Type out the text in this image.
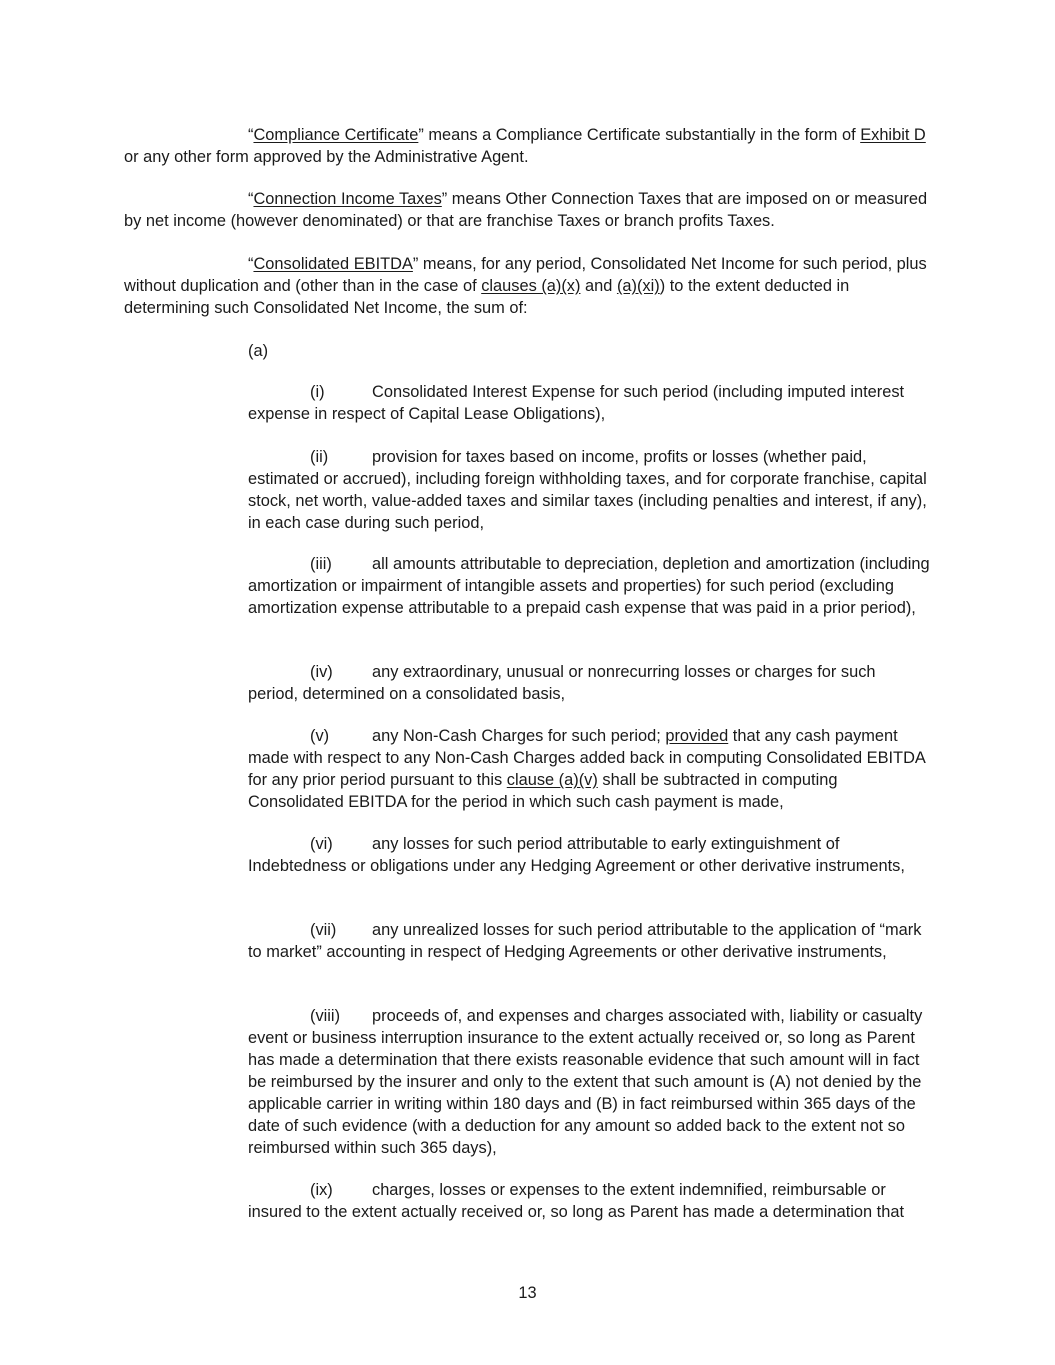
“Compliance Certificate” means a Compliance Certificate substantially in the form of Exhibit D or any other form approved by the Administrative Agent.

“Connection Income Taxes” means Other Connection Taxes that are imposed on or measured by net income (however denominated) or that are franchise Taxes or branch profits Taxes.

“Consolidated EBITDA” means, for any period, Consolidated Net Income for such period, plus without duplication and (other than in the case of clauses (a)(x) and (a)(xi)) to the extent deducted in determining such Consolidated Net Income, the sum of:

(a)

(i)	Consolidated Interest Expense for such period (including imputed interest expense in respect of Capital Lease Obligations),

(ii)	provision for taxes based on income, profits or losses (whether paid, estimated or accrued), including foreign withholding taxes, and for corporate franchise, capital stock, net worth, value-added taxes and similar taxes (including penalties and interest, if any), in each case during such period,

(iii) all amounts attributable to depreciation, depletion and amortization (including amortization or impairment of intangible assets and properties) for such period (excluding amortization expense attributable to a prepaid cash expense that was paid in a prior period),

(iv) any extraordinary, unusual or nonrecurring losses or charges for such period, determined on a consolidated basis,

(v)	any Non-Cash Charges for such period; provided that any cash payment made with respect to any Non-Cash Charges added back in computing Consolidated EBITDA for any prior period pursuant to this clause (a)(v) shall be subtracted in computing Consolidated EBITDA for the period in which such cash payment is made,

(vi) any losses for such period attributable to early extinguishment of Indebtedness or obligations under any Hedging Agreement or other derivative instruments,

(vii) any unrealized losses for such period attributable to the application of “mark to market” accounting in respect of Hedging Agreements or other derivative instruments,

(viii) proceeds of, and expenses and charges associated with, liability or casualty event or business interruption insurance to the extent actually received or, so long as Parent has made a determination that there exists reasonable evidence that such amount will in fact be reimbursed by the insurer and only to the extent that such amount is (A) not denied by the applicable carrier in writing within 180 days and (B) in fact reimbursed within 365 days of the date of such evidence (with a deduction for any amount so added back to the extent not so reimbursed within such 365 days),

(ix) charges, losses or expenses to the extent indemnified, reimbursable or insured to the extent actually received or, so long as Parent has made a determination that

13
